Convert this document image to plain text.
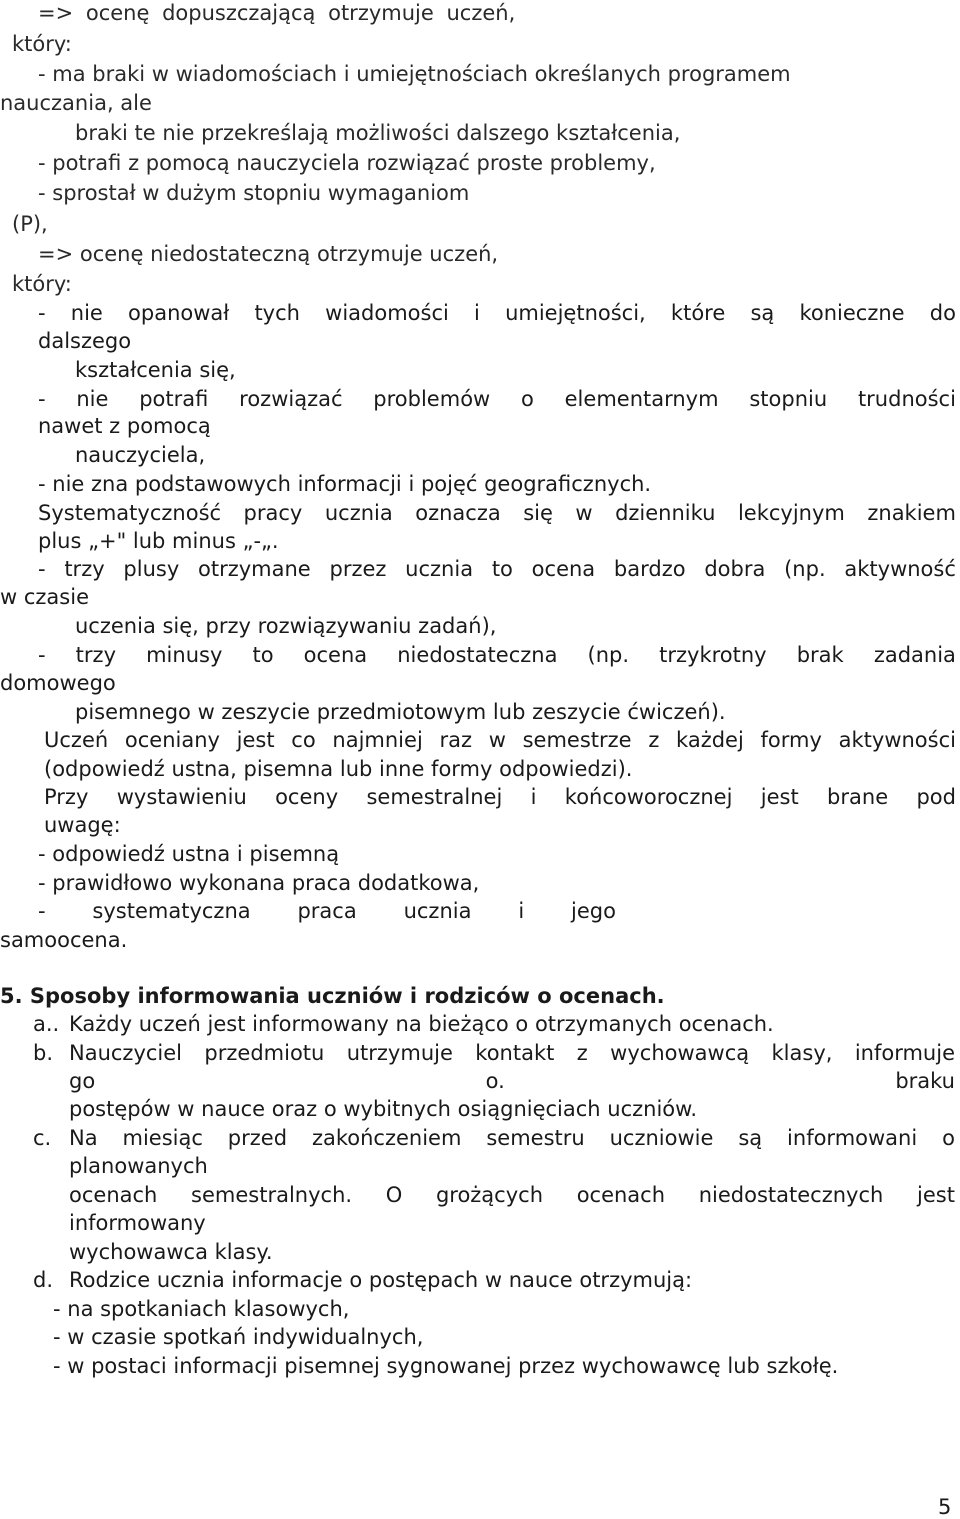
=> ocenę dopuszczającą otrzymuje uczeń,
który:
- ma braki w wiadomościach i umiejętnościach określanych programem
nauczania, ale
braki te nie przekreślają możliwości dalszego kształcenia,
- potrafi z pomocą nauczyciela rozwiązać proste problemy,
- sprostał w dużym stopniu wymaganiom
(P),
=> ocenę niedostateczną otrzymuje uczeń,
który:
- nie opanował tych wiadomości i umiejętności, które są konieczne do
dalszego
kształcenia się,
- nie potrafi rozwiązać problemów o elementarnym stopniu trudności
nawet z pomocą
nauczyciela,
- nie zna podstawowych informacji i pojęć geograficznych.
Systematyczność pracy ucznia oznacza się w dzienniku lekcyjnym znakiem
plus „+" lub minus „-„.
- trzy plusy otrzymane przez ucznia to ocena bardzo dobra (np. aktywność
w czasie
uczenia się, przy rozwiązywaniu zadań),
- trzy minusy to ocena niedostateczna (np. trzykrotny brak zadania
domowego
pisemnego w zeszycie przedmiotowym lub zeszycie ćwiczeń).
Uczeń oceniany jest co najmniej raz w semestrze z każdej formy aktywności
(odpowiedź ustna, pisemna lub inne formy odpowiedzi).
Przy wystawieniu oceny semestralnej i końcoworocznej jest brane pod
uwagę:
- odpowiedź ustna i pisemną
- prawidłowo wykonana praca dodatkowa,
- systematyczna praca ucznia i jego
samoocena.
5. Sposoby informowania uczniów i rodziców o ocenach.
a.. Każdy uczeń jest informowany na bieżąco o otrzymanych ocenach.
b. Nauczyciel przedmiotu utrzymuje kontakt z wychowawcą klasy, informuje
go	o.	braku
postępów w nauce oraz o wybitnych osiągnięciach uczniów.
c. Na miesiąc przed zakończeniem semestru uczniowie są informowani o
planowanych
ocenach semestralnych. O grożących ocenach niedostatecznych jest
informowany
wychowawca klasy.
d. Rodzice ucznia informacje o postępach w nauce otrzymują:
- na spotkaniach klasowych,
- w czasie spotkań indywidualnych,
- w postaci informacji pisemnej sygnowanej przez wychowawcę lub szkołę.
5
